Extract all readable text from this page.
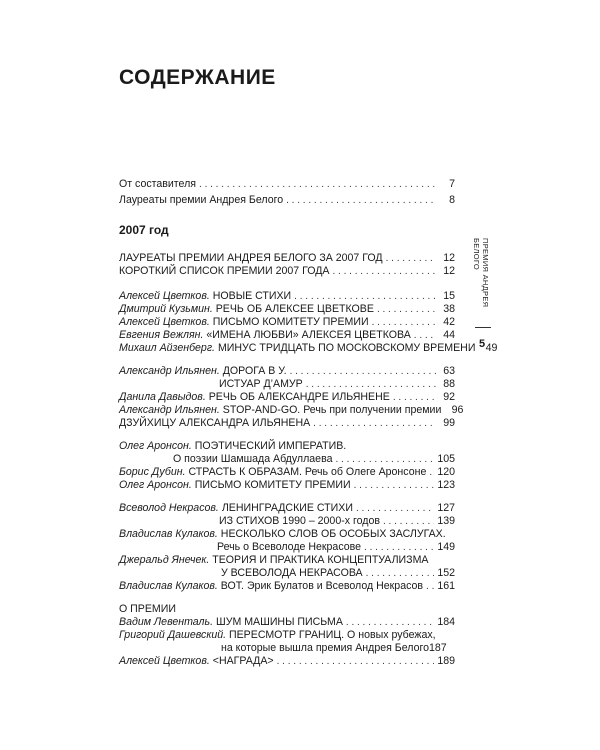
СОДЕРЖАНИЕ
От составителя . . .	7
Лауреаты премии Андрея Белого . . .	8
2007 год
ЛАУРЕАТЫ ПРЕМИИ АНДРЕЯ БЕЛОГО ЗА 2007 ГОД . . .	12
КОРОТКИЙ СПИСОК ПРЕМИИ 2007 ГОДА . . .	12
Алексей Цветков. НОВЫЕ СТИХИ . . .	15
Дмитрий Кузьмин. РЕЧЬ ОБ АЛЕКСЕЕ ЦВЕТКОВЕ . . .	38
Алексей Цветков. ПИСЬМО КОМИТЕТУ ПРЕМИИ . . .	42
Евгения Вежлян. «ИМЕНА ЛЮБВИ» АЛЕКСЕЯ ЦВЕТКОВА . . .	44
Михаил Айзенберг. МИНУС ТРИДЦАТЬ ПО МОСКОВСКОМУ ВРЕМЕНИ 49
Александр Ильянен. ДОРОГА В У. . . .	63
ИСТУАР Д’АМУР . . .	88
Данила Давыдов. РЕЧЬ ОБ АЛЕКСАНДРЕ ИЛЬЯНЕНЕ . . .	92
Александр Ильянен. STOP-AND-GO. Речь при получении премии 96
ДЗУЙХИЦУ АЛЕКСАНДРА ИЛЬЯНЕНА . . .	99
Олег Аронсон. ПОЭТИЧЕСКИЙ ИМПЕРАТИВ.
О поэзии Шамшада Абдуллаева . . .	105
Борис Дубин. СТРАСТЬ К ОБРАЗАМ. Речь об Олеге Аронсоне . . . 120
Олег Аронсон. ПИСЬМО КОМИТЕТУ ПРЕМИИ . . .	123
Всеволод Некрасов. ЛЕНИНГРАДСКИЕ СТИХИ . . .	127
ИЗ СТИХОВ 1990 – 2000-х годов . . .	139
Владислав Кулаков. НЕСКОЛЬКО СЛОВ ОБ ОСОБЫХ ЗАСЛУГАХ.
Речь о Всеволоде Некрасове . . .	149
Джеральд Янечек. ТЕОРИЯ И ПРАКТИКА КОНЦЕПТУАЛИЗМА
У ВСЕВОЛОДА НЕКРАСОВА . . .	152
Владислав Кулаков. ВОТ. Эрик Булатов и Всеволод Некрасов . . . 161
О ПРЕМИИ
Вадим Левенталь. ШУМ МАШИНЫ ПИСЬМА . . .	184
Григорий Дашевский. ПЕРЕСМОТР ГРАНИЦ. О новых рубежах,
на которые вышла премия Андрея Белого 187
Алексей Цветков. <НАГРАДА> . . .	189
ПРЕМИЯ АНДРЕЯ БЕЛОГО
5
